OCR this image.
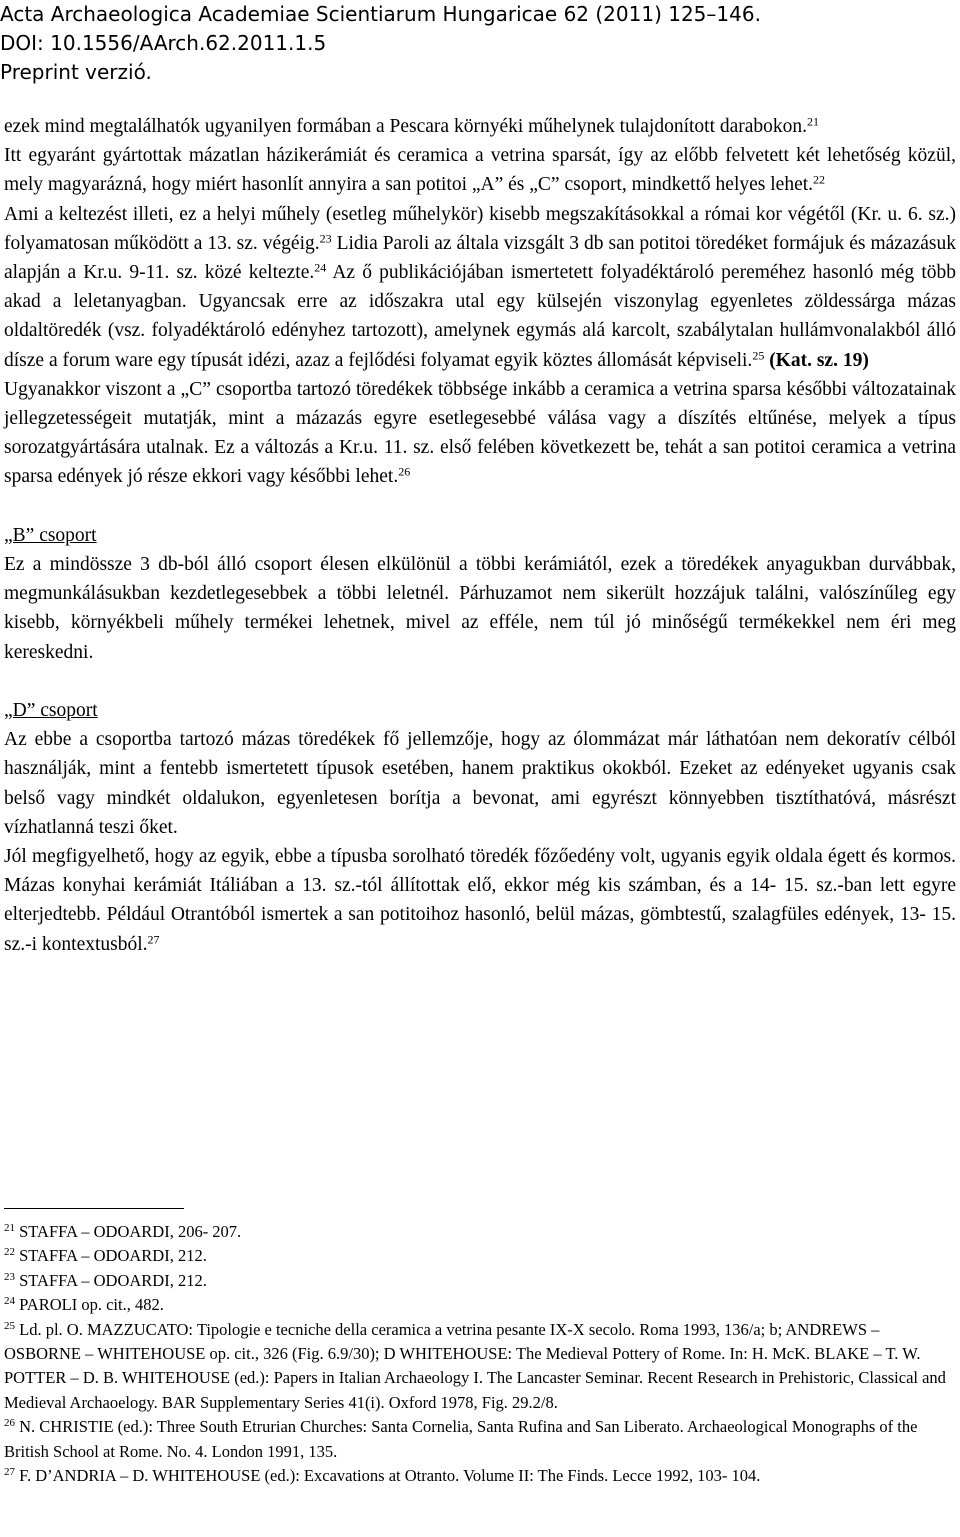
Acta Archaeologica Academiae Scientiarum Hungaricae 62 (2011) 125–146.
DOI: 10.1556/AArch.62.2011.1.5
Preprint verzió.

ezek mind megtalálhatók ugyanilyen formában a Pescara környéki műhelynek tulajdonított darabokon.$^{21}$

Itt egyaránt gyártottak mázatlan házikerámiát és ceramica a vetrina sparsát, így az előbb felvetett két lehetőség közül, mely magyarázná, hogy miért hasonlít annyira a san potitoi „A” és „C” csoport, mindkettő helyes lehet.$^{22}$

Ami a keltezést illeti, ez a helyi műhely (esetleg műhelykör) kisebb megszakításokkal a római kor végétől (Kr. u. 6. sz.) folyamatosan működött a 13. sz. végéig.$^{23}$ Lidia Paroli az általa vizsgált 3 db san potitoi töredéket formájuk és mázazásuk alapján a Kr.u. 9-11. sz. közé keltezte.$^{24}$ Az ő publikációjában ismertetett folyadéktároló pereméhez hasonló még több akad a leletanyagban. Ugyancsak erre az időszakra utal egy külsején viszonylag egyenletes zöldessárga mázas oldaltöredék (vsz. folyadéktároló edényhez tartozott), amelynek egymás alá karcolt, szabálytalan hullámvonalakból álló dísze a forum ware egy típusát idézi, azaz a fejlődési folyamat egyik köztes állomását képviseli.$^{25}$ (Kat. sz. 19)

Ugyanakkor viszont a „C” csoportba tartozó töredékek többsége inkább a ceramica a vetrina sparsa későbbi változatainak jellegzetességeit mutatják, mint a mázazás egyre esetlegesebbé válása vagy a díszítés eltűnése, melyek a típus sorozatgyártására utalnak. Ez a változás a Kr.u. 11. sz. első felében következett be, tehát a san potitoi ceramica a vetrina sparsa edények jó része ekkori vagy későbbi lehet.$^{26}$

„B” csoport

Ez a mindössze 3 db-ból álló csoport élesen elkülönül a többi kerámiától, ezek a töredékek anyagukban durvábbak, megmunkálásukban kezdetlegesebbek a többi leletnél. Párhuzamot nem sikerült hozzájuk találni, valószínűleg egy kisebb, környékbeli műhely termékei lehetnek, mivel az efféle, nem túl jó minőségű termékekkel nem éri meg kereskedni.

„D” csoport

Az ebbe a csoportba tartozó mázas töredékek fő jellemzője, hogy az ólommázat már láthatóan nem dekoratív célból használják, mint a fentebb ismertetett típusok esetében, hanem praktikus okokból. Ezeket az edényeket ugyanis csak belső vagy mindkét oldalukon, egyenletesen borítja a bevonat, ami egyrészt könnyebben tisztíthatóvá, másrészt vízhatlanná teszi őket.

Jól megfigyelhető, hogy az egyik, ebbe a típusba sorolható töredék főzőedény volt, ugyanis egyik oldala égett és kormos. Mázas konyhai kerámiát Itáliában a 13. sz.-tól állítottak elő, ekkor még kis számban, és a 14- 15. sz.-ban lett egyre elterjedtebb. Például Otrantóból ismertek a san potitoihoz hasonló, belül mázas, gömbtestű, szalagfüles edények, 13- 15. sz.-i kontextusból.$^{27}$

$^{21}$ STAFFA – ODOARDI, 206- 207.

$^{22}$ STAFFA – ODOARDI, 212.

$^{23}$ STAFFA – ODOARDI, 212.

$^{24}$ PAROLI op. cit., 482.

$^{25}$ Ld. pl. O. MAZZUCATO: Tipologie e tecniche della ceramica a vetrina pesante IX-X secolo. Roma 1993, 136/a; b; ANDREWS – OSBORNE – WHITEHOUSE op. cit., 326 (Fig. 6.9/30); D WHITEHOUSE: The Medieval Pottery of Rome. In: H. McK. BLAKE – T. W. POTTER – D. B. WHITEHOUSE (ed.): Papers in Italian Archaeology I. The Lancaster Seminar. Recent Research in Prehistoric, Classical and Medieval Archaoelogy. BAR Supplementary Series 41(i). Oxford 1978, Fig. 29.2/8.

$^{26}$ N. CHRISTIE (ed.): Three South Etrurian Churches: Santa Cornelia, Santa Rufina and San Liberato. Archaeological Monographs of the British School at Rome. No. 4. London 1991, 135.

$^{27}$ F. D’ANDRIA – D. WHITEHOUSE (ed.): Excavations at Otranto. Volume II: The Finds. Lecce 1992, 103- 104.
